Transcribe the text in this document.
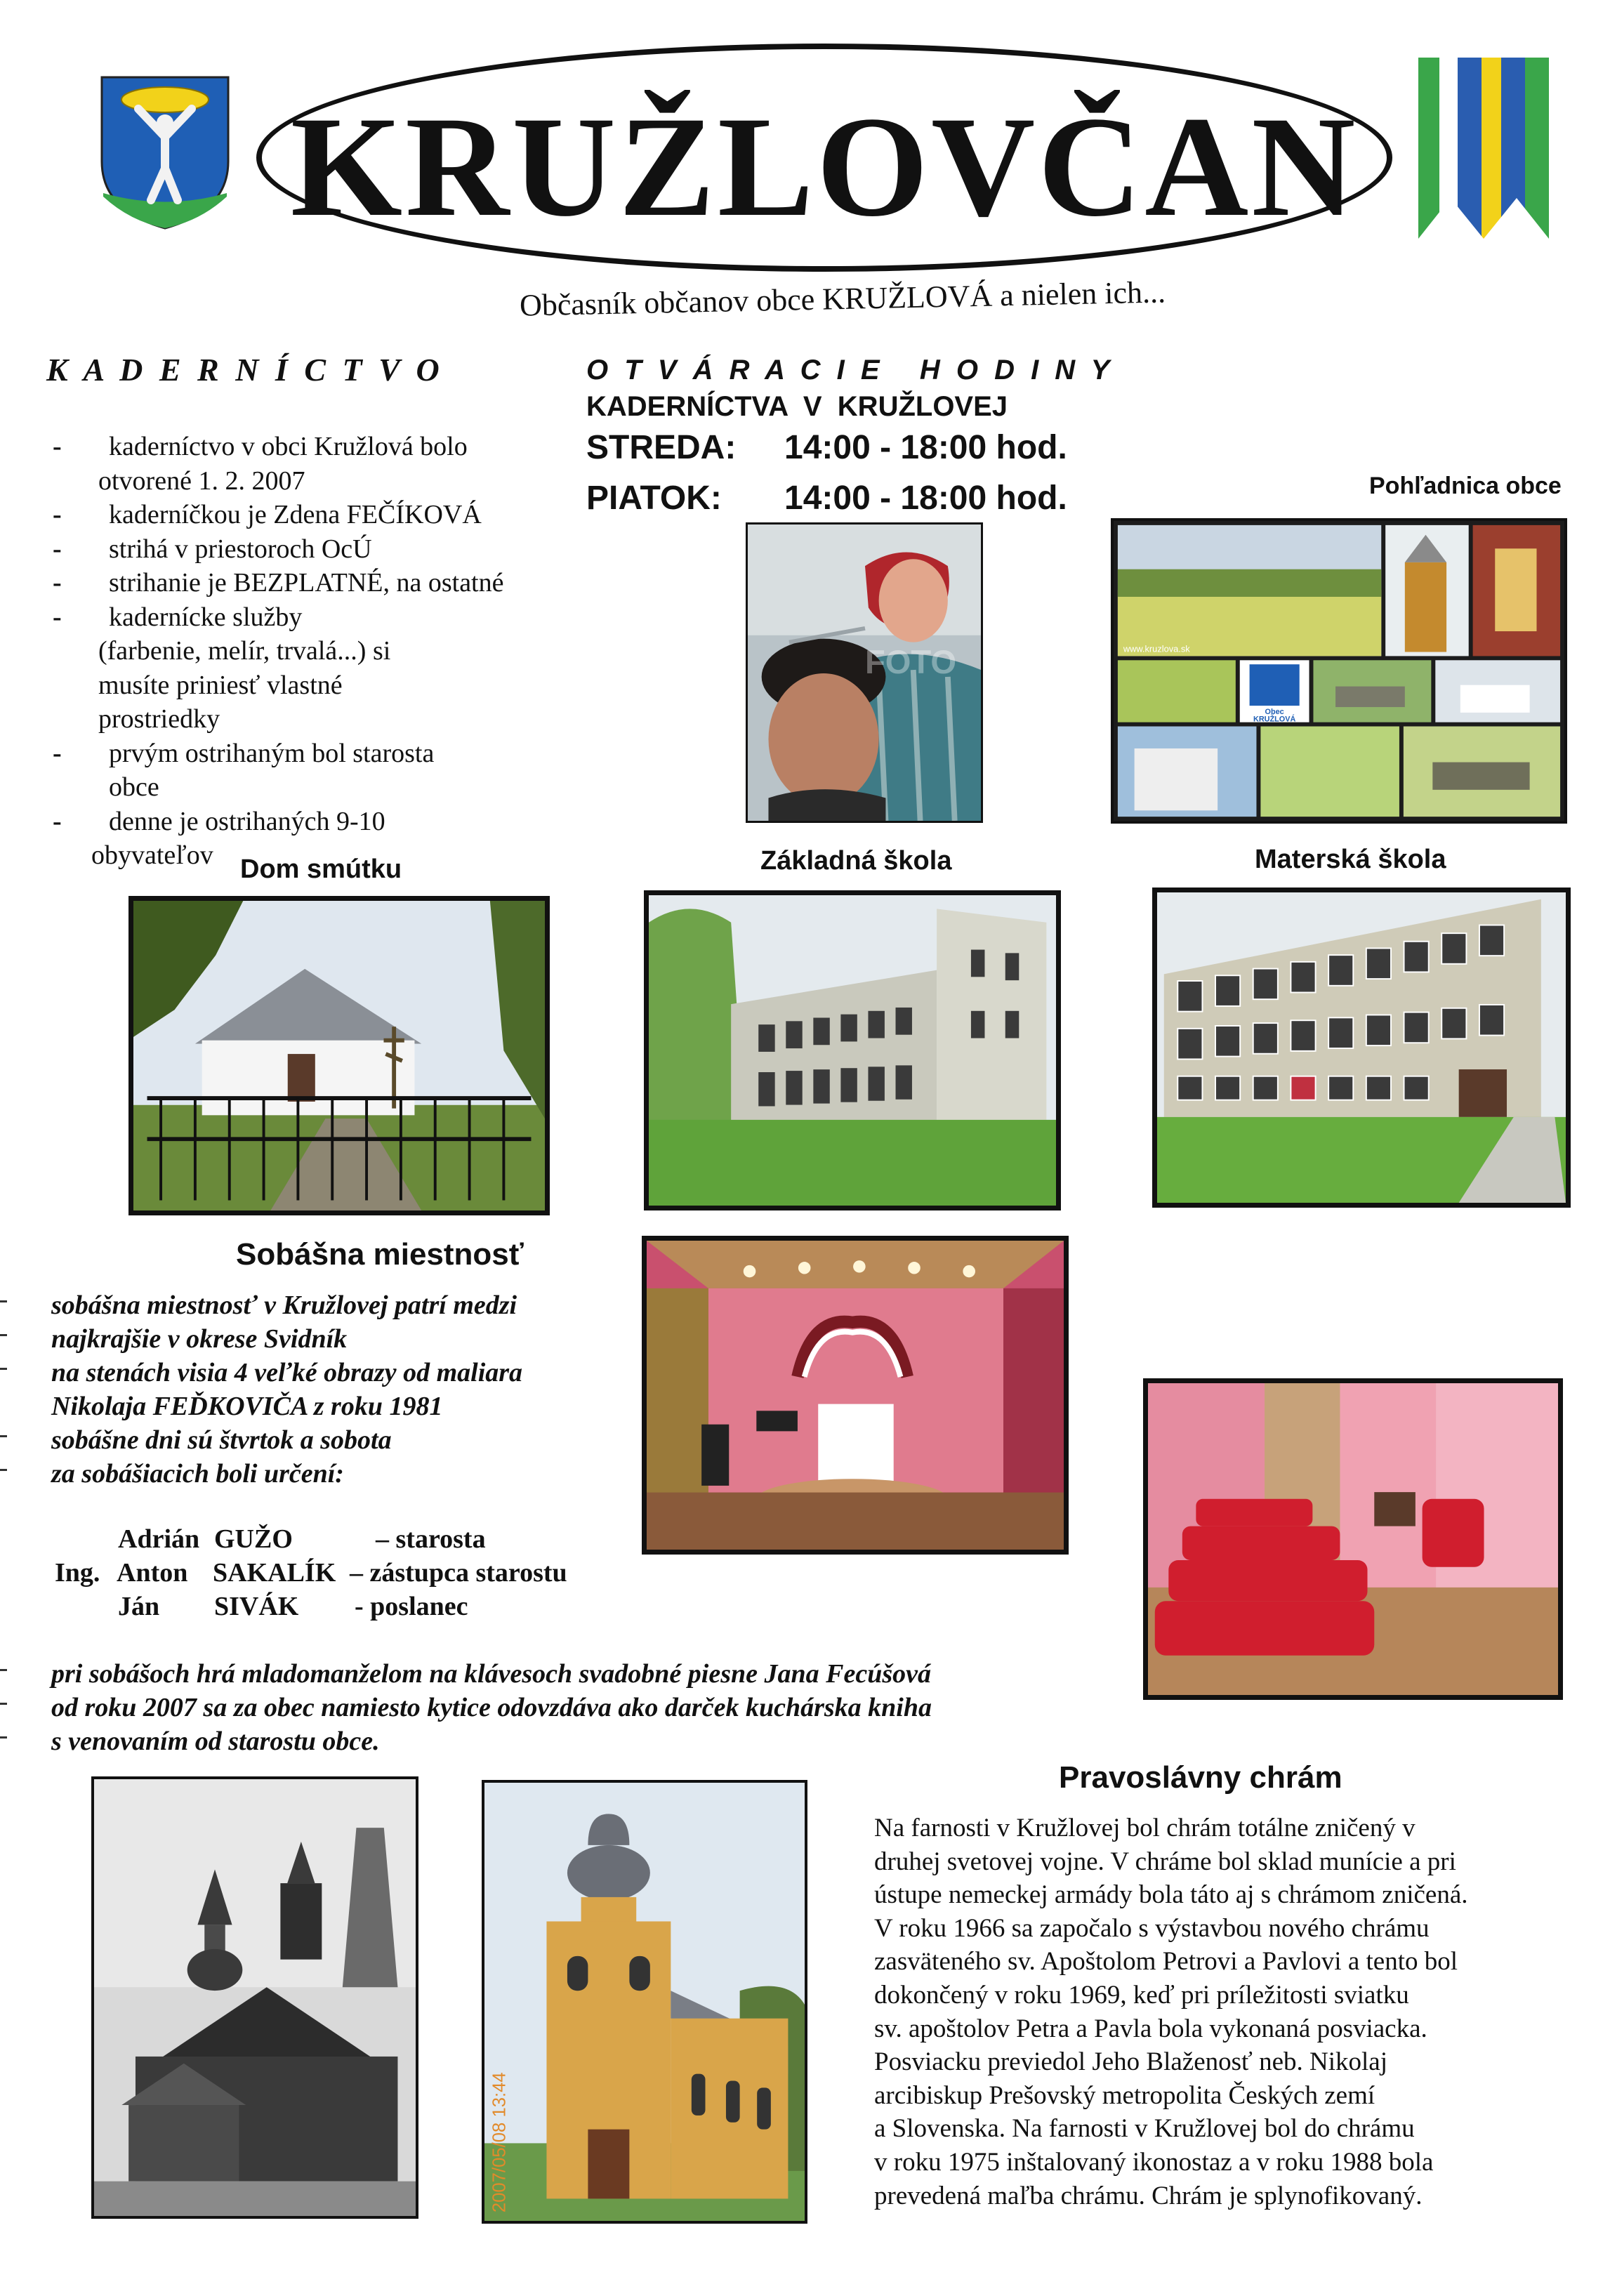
KRUŽLOVČAN
Občasník občanov obce KRUŽLOVÁ a nielen ich...
K A D E R N Í C T V O
- kaderníctvo v obci Kružlová bolo
otvorené 1. 2. 2007
- kaderníčkou je Zdena FEČÍKOVÁ
- strihá v priestoroch OcÚ
- strihanie je BEZPLATNÉ, na ostatné
- kadernícke služby
(farbenie, melír, trvalá...) si
musíte priniesť vlastné
prostriedky
- prvým ostrihaným bol starosta
obce
- denne je ostrihaných 9-10
obyvateľov
O T V Á R A C I E   H O D I N Y
KADERNÍCTVA  V  KRUŽLOVEJ
STREDA: 14:00 - 18:00 hod.
PIATOK: 14:00 - 18:00 hod.
FOTO
Pohľadnica obce
Obec
KRUŽLOVÁ
www.kruzlova.sk
Dom smútku	Základná škola	Materská škola
Sobášna miestnosť
sobášna miestnosť v Kružlovej patrí medzi
najkrajšie v okrese Svidník
na stenách visia 4 veľké obrazy od maliara
Nikolaja FEĎKOVIČA z roku 1981
sobášne dni sú štvrtok a sobota
za sobášiacich boli určení:
Adrián GUŽO	– starosta
Ing. Anton SAKALÍK – zástupca starostu
Ján SIVÁK - poslanec
pri sobášoch hrá mladomanželom na klávesoch svadobné piesne Jana Fecúšová
od roku 2007 sa za obec namiesto kytice odovzdáva ako darček kuchárska kniha
s venovaním od starostu obce.
Pravoslávny chrám
2007/05/08 13:44
Na farnosti v Kružlovej bol chrám totálne zničený v
druhej svetovej vojne. V chráme bol sklad munície a pri
ústupe nemeckej armády bola táto aj s chrámom zničená.
V roku 1966 sa započalo s výstavbou nového chrámu
zasväteného sv. Apoštolom Petrovi a Pavlovi a tento bol
dokončený v roku 1969, keď pri príležitosti sviatku
sv. apoštolov Petra a Pavla bola vykonaná posviacka.
Posviacku previedol Jeho Blaženosť neb. Nikolaj
arcibiskup Prešovský metropolita Českých zemí
a Slovenska. Na farnosti v Kružlovej bol do chrámu
v roku 1975 inštalovaný ikonostaz a v roku 1988 bola
prevedená maľba chrámu. Chrám je splynofikovaný.
